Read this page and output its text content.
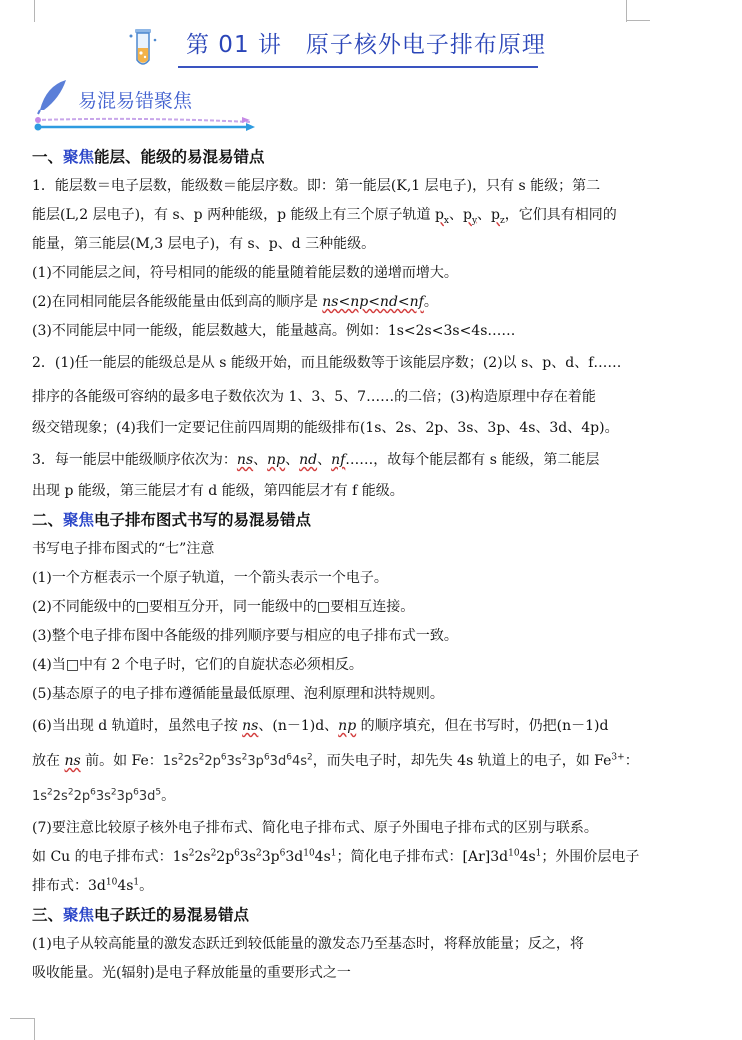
第 01 讲　原子核外电子排布原理
易混易错聚焦

一、聚焦能层、能级的易混易错点

1．能层数＝电子层数，能级数＝能层序数。即：第一能层(K,1 层电子)，只有 s 能级；第二

能层(L,2 层电子)，有 s、p 两种能级，p 能级上有三个原子轨道 $p_x$、$p_y$、$p_z$，它们具有相同的

能量，第三能层(M,3 层电子)，有 s、p、d 三种能级。

(1)不同能层之间，符号相同的能级的能量随着能层数的递增而增大。

(2)在同相同能层各能级能量由低到高的顺序是 ns<np<nd<nf。

(3)不同能层中同一能级，能层数越大，能量越高。例如：1s<2s<3s<4s……

2．(1)任一能层的能级总是从 s 能级开始，而且能级数等于该能层序数；(2)以 s、p、d、f……

排序的各能级可容纳的最多电子数依次为 1、3、5、7……的二倍；(3)构造原理中存在着能

级交错现象；(4)我们一定要记住前四周期的能级排布(1s、2s、2p、3s、3p、4s、3d、4p)。

3．每一能层中能级顺序依次为：ns、np、nd、nf……，故每个能层都有 s 能级，第二能层

出现 p 能级，第三能层才有 d 能级，第四能层才有 f 能级。

二、聚焦电子排布图式书写的易混易错点

书写电子排布图式的“七”注意

(1)一个方框表示一个原子轨道，一个箭头表示一个电子。

(2)不同能级中的□要相互分开，同一能级中的□要相互连接。

(3)整个电子排布图中各能级的排列顺序要与相应的电子排布式一致。

(4)当□中有 2 个电子时，它们的自旋状态必须相反。

(5)基态原子的电子排布遵循能量最低原理、泡利原理和洪特规则。

(6)当出现 d 轨道时，虽然电子按 ns、(n－1)d、np 的顺序填充，但在书写时，仍把(n－1)d

放在 ns 前。如 Fe：$1s^22s^22p^63s^23p^63d^64s^2$，而失电子时，却先失 4s 轨道上的电子，如 $Fe^{3+}$：

$1s^22s^22p^63s^23p^63d^5$。

(7)要注意比较原子核外电子排布式、简化电子排布式、原子外围电子排布式的区别与联系。

如 Cu 的电子排布式：$1s^22s^22p^63s^23p^63d^{10}4s^1$；简化电子排布式：$[Ar]3d^{10}4s^1$；外围价层电子

排布式：$3d^{10}4s^1$。

三、聚焦电子跃迁的易混易错点

(1)电子从较高能量的激发态跃迁到较低能量的激发态乃至基态时，将释放能量；反之，将

吸收能量。光(辐射)是电子释放能量的重要形式之一
